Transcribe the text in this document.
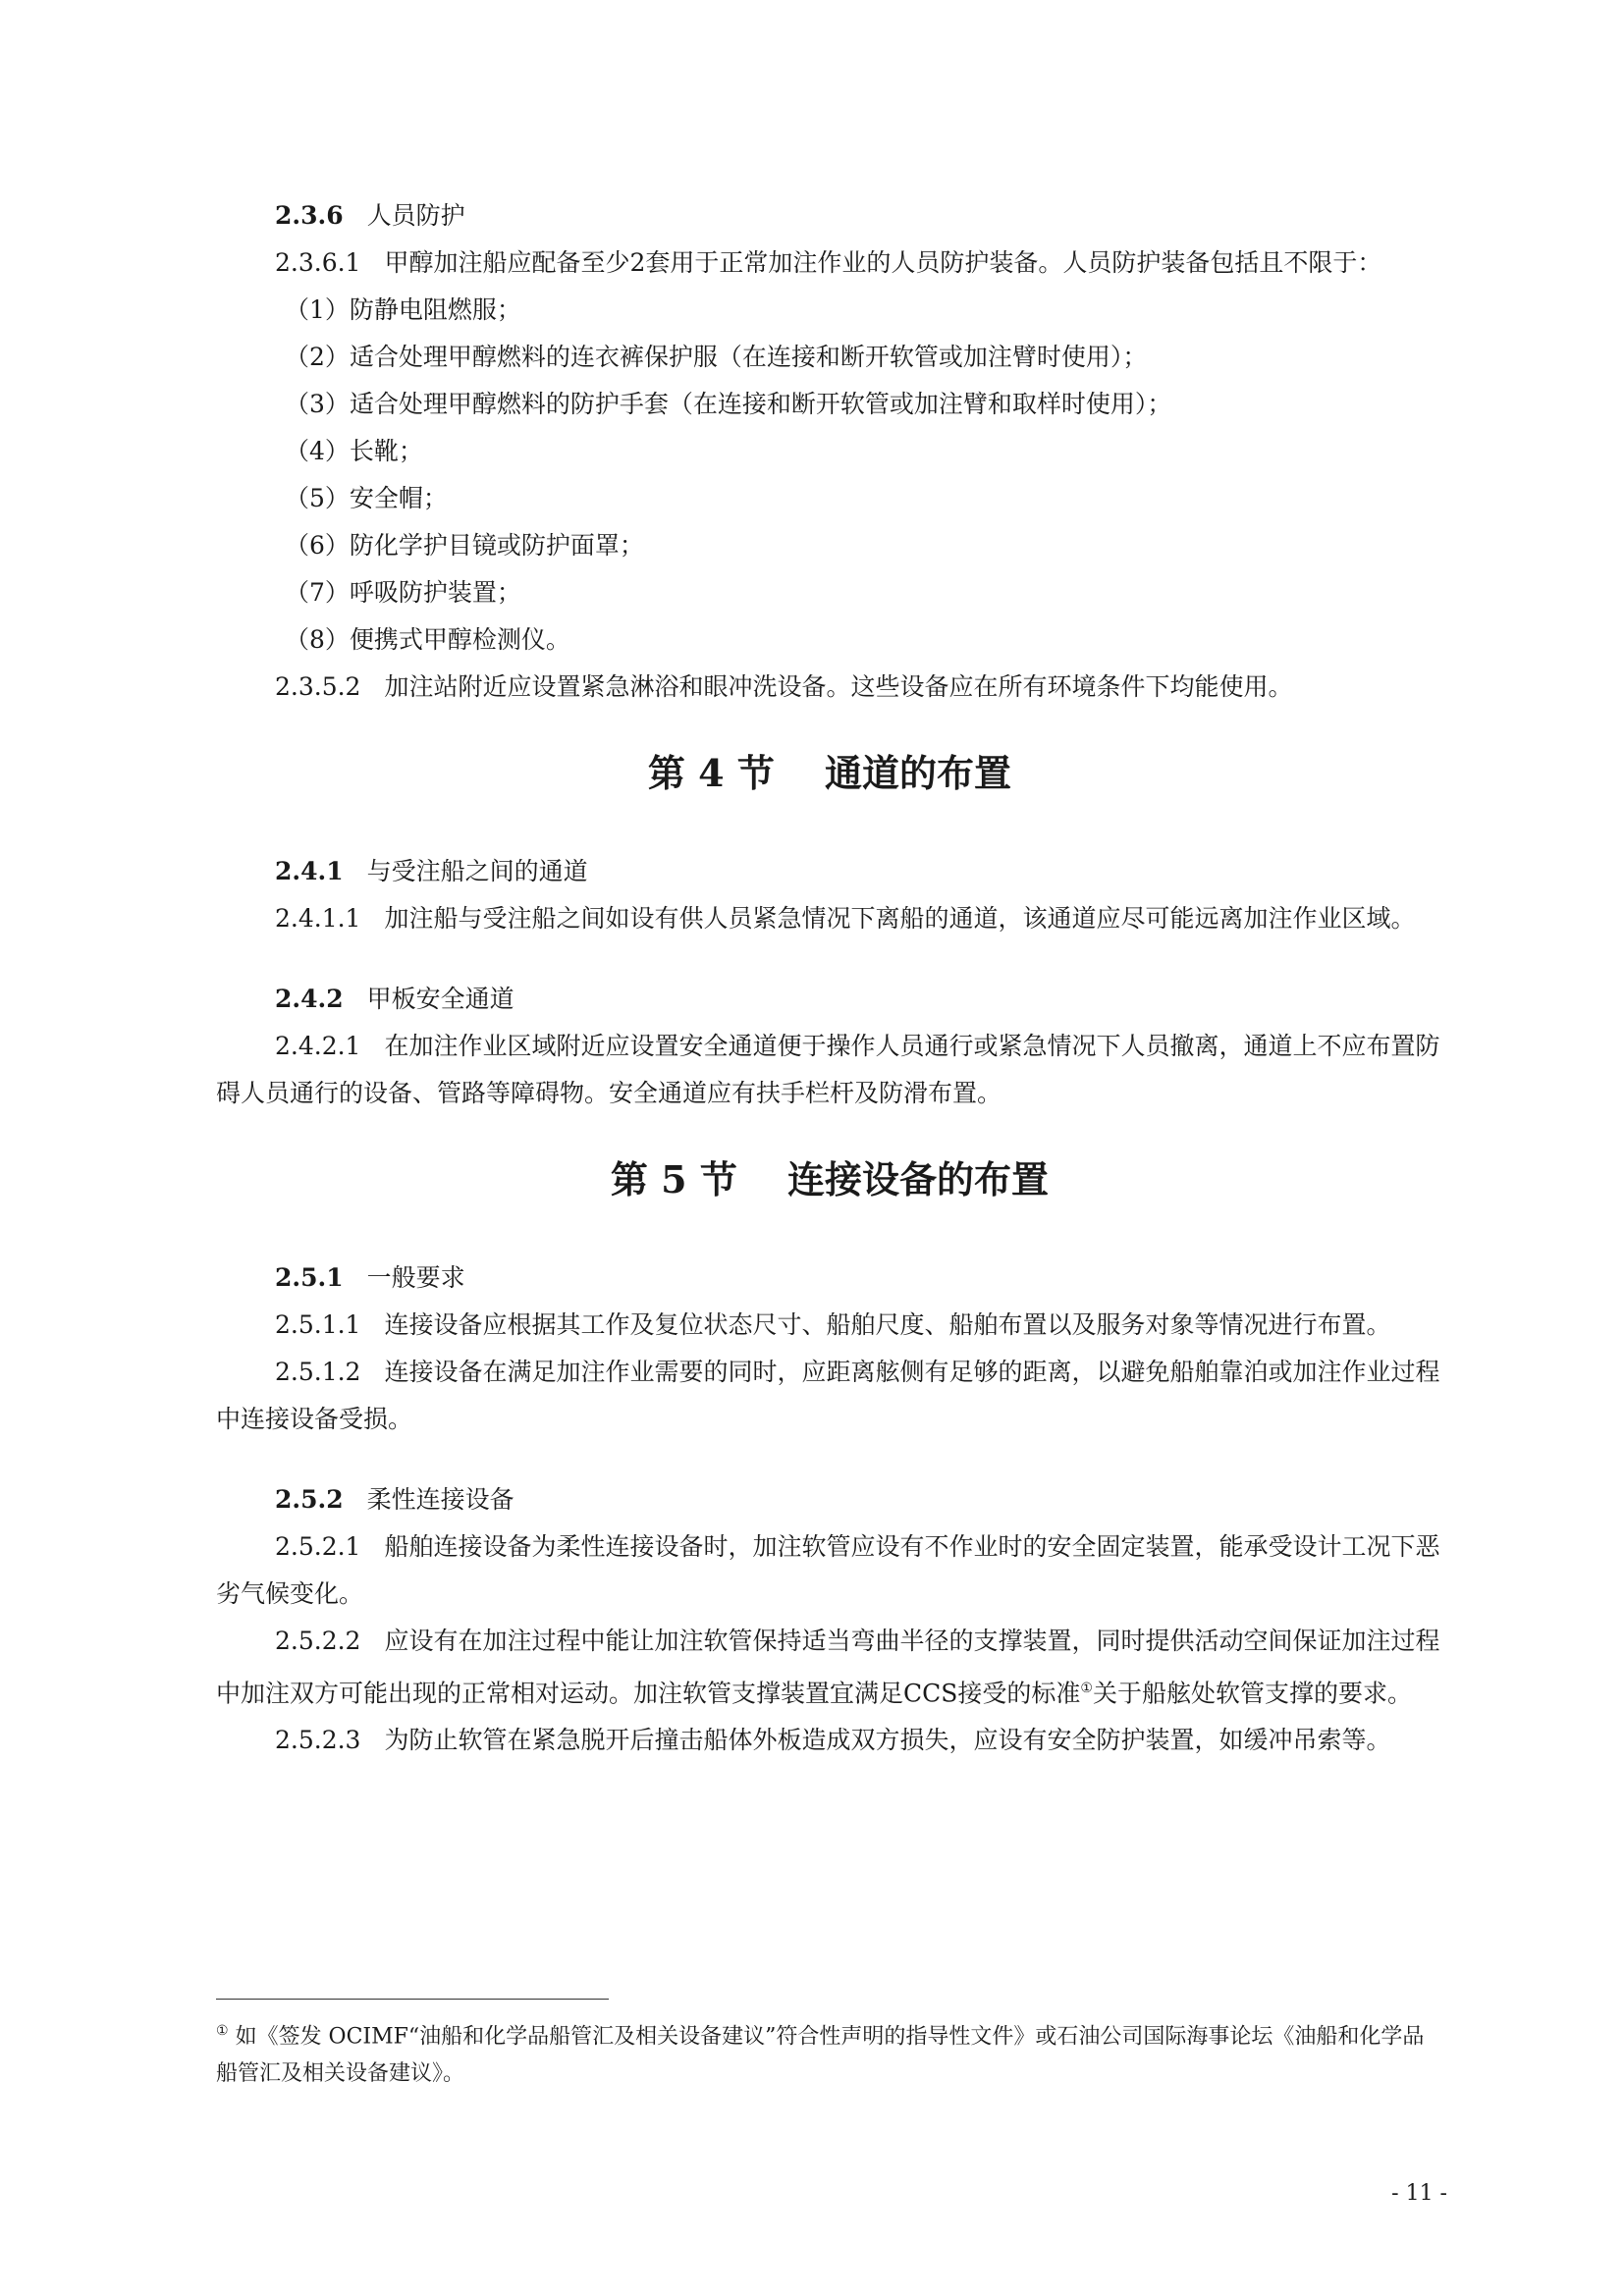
2.3.6 人员防护

2.3.6.1 甲醇加注船应配备至少2套用于正常加注作业的人员防护装备。人员防护装备包括且不限于：

（1）防静电阻燃服；

（2）适合处理甲醇燃料的连衣裤保护服（在连接和断开软管或加注臂时使用）；

（3）适合处理甲醇燃料的防护手套（在连接和断开软管或加注臂和取样时使用）；

（4）长靴；

（5）安全帽；

（6）防化学护目镜或防护面罩；

（7）呼吸防护装置；

（8）便携式甲醇检测仪。

2.3.5.2 加注站附近应设置紧急淋浴和眼冲洗设备。这些设备应在所有环境条件下均能使用。

第 4 节　 通道的布置

2.4.1 与受注船之间的通道

2.4.1.1 加注船与受注船之间如设有供人员紧急情况下离船的通道，该通道应尽可能远离加注作业区域。

2.4.2 甲板安全通道

2.4.2.1 在加注作业区域附近应设置安全通道便于操作人员通行或紧急情况下人员撤离，通道上不应布置防碍人员通行的设备、管路等障碍物。安全通道应有扶手栏杆及防滑布置。

第 5 节　 连接设备的布置

2.5.1 一般要求

2.5.1.1 连接设备应根据其工作及复位状态尺寸、船舶尺度、船舶布置以及服务对象等情况进行布置。

2.5.1.2 连接设备在满足加注作业需要的同时，应距离舷侧有足够的距离，以避免船舶靠泊或加注作业过程中连接设备受损。

2.5.2 柔性连接设备

2.5.2.1 船舶连接设备为柔性连接设备时，加注软管应设有不作业时的安全固定装置，能承受设计工况下恶劣气候变化。

2.5.2.2 应设有在加注过程中能让加注软管保持适当弯曲半径的支撑装置，同时提供活动空间保证加注过程中加注双方可能出现的正常相对运动。加注软管支撑装置宜满足CCS接受的标准①关于船舷处软管支撑的要求。

2.5.2.3 为防止软管在紧急脱开后撞击船体外板造成双方损失，应设有安全防护装置，如缓冲吊索等。

① 如《签发 OCIMF“油船和化学品船管汇及相关设备建议”符合性声明的指导性文件》或石油公司国际海事论坛《油船和化学品船管汇及相关设备建议》。

- 11 -
